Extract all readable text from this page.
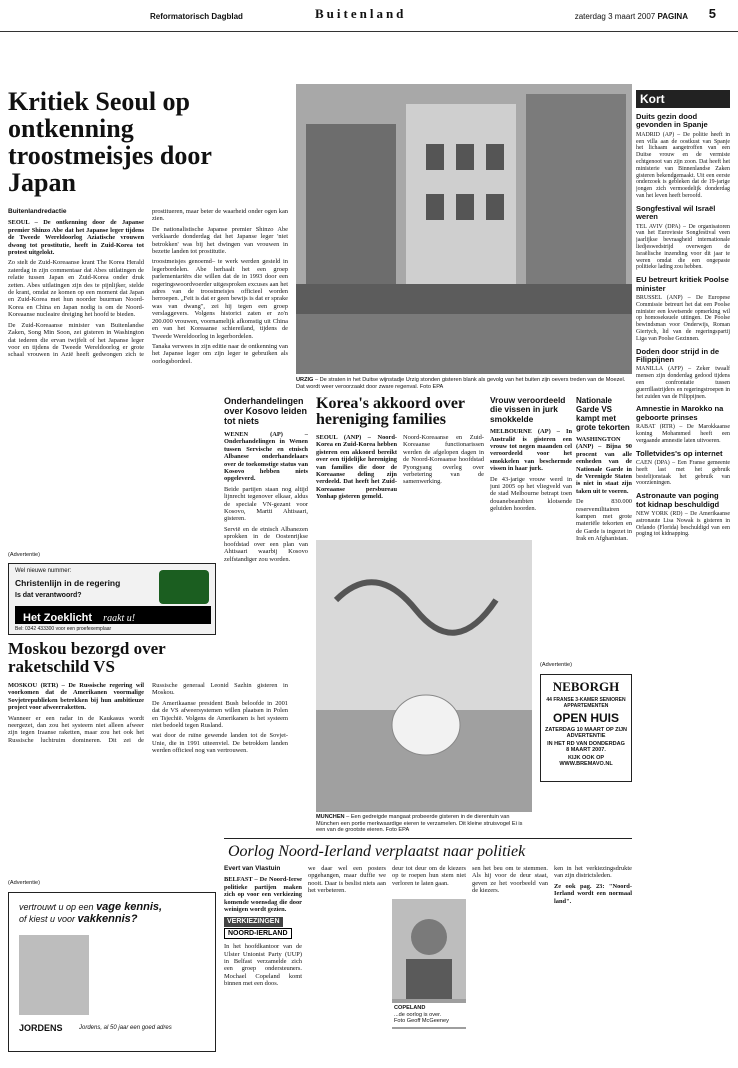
Reformatorisch Dagblad	Buitenland	zaterdag 3 maart 2007 PAGINA 5
Kritiek Seoul op ontkenning troostmeisjes door Japan
Buitenlandredactie

SEOUL – De ontkenning door de Japanse premier Shinzo Abe dat het Japanse leger tijdens de Tweede Wereldoorlog Aziatische vrouwen dwong tot prostitutie, heeft in Zuid-Korea tot protest uitgelokt.

Zo stelt de Zuid-Koreaanse krant The Korea Herald zaterdag in zijn commentaar dat Abes uitlatingen de relatie tussen Japan en Zuid-Korea onder druk zetten. Abes uitlatingen zijn des te pijnlijker, stelde de krant, omdat ze komen op een moment dat Japan en Zuid-Korea met hun noorder buurman Noord-Korea en China en Japan nodig is om de Noord-Koreaanse nucleaire dreiging het hoofd te bieden.

De Zuid-Koreaanse minister van Buitenlandse Zaken, Song Min Soon, zei gisteren in Washington dat iederen die ervan twijfelt of het Japanse leger voor en tijdens de Tweede Wereldoorlog er grote schaal vrouwen in Azië heeft gedwongen zich te prostitueren, maar beter de waarheid onder ogen kan zien.

De nationalistische Japanse premier Shinzo Abe verklaarde donderdag dat het Japanse leger 'niet betrokken' was bij het dwingen van vrouwen in bezette landen tot prostitutie.

troostmeisjes genoemd– te werk werden gesteld in legerbordelen. Abe herhaalt het een groep parlementariërs die willen dat de in 1993 door een regeringswoordvoerder uitgesproken excuses aan het adres van de troostmeisjes officieel worden herroepen. „Feit is dat er geen bewijs is dat er sprake was van dwang", zei hij tegen een groep verslaggevers. Volgens historici zaten er zo'n 200.000 vrouwen, voornamelijk afkomstig uit China en van het Koreaanse schiereiland, tijdens de Tweede Wereldoorlog in legerbordelen.

Tanaka verwees in zijn editie naar de ontkenning van het Japanse leger om zijn leger te gebruiken als oorlogsbordeel.

ÜRZIG – De straten in het Duitse wijnstadje Ürzig stonden gisteren blank als gevolg van het buiten zijn oevers treden van de Moezel. Dat wordt weer veroorzaakt door zware regenval. Foto EPA
Kort
Duits gezin dood gevonden in Spanje
MADRID (AP) – De politie heeft in een villa aan de oostkust van Spanje het lichaam aangetroffen van een Duitse vrouw en de vermiste echtgenoot van zijn zoon. Dat heeft het ministerie van Binnenlandse Zaken gisteren bekendgemaakt. Uit een eerste onderzoek is gebleken dat de 19-jarige jongen zich vermoedelijk donderdag van het leven heeft beroofd.
Songfestival wil Israël weren
TEL AVIV (DPA) – De organisatoren van het Euroviesie Songfestival veen jaarlijkse bevraagheid internationale liedjeswedstrijd overwegen de Israëlische inzending voor dit jaar te weren omdat die een ongepaste politieke lading zou hebben.
EU betreurt kritiek Poolse minister
BRUSSEL (ANP) – De Europese Commissie betreurt het dat een Poolse minister een kwetsende opmerking wil op homoseksuele uitingen. De Poolse bewindsman voor Onderwijs, Roman Giertych, lid van de regeringspartij Liga van Poolse Gezinnen.
Doden door strijd in de Filippijnen
MANILLA (AFP) – Zeker twaalf mensen zijn donderdag gedood tijdens een confrontatie tussen guerrillastrijders en regeringstroepen in het zuiden van de Filippijnen.
Amnestie in Marokko na geboorte prinses
RABAT (RTR) – De Marokkaanse koning Mohammed heeft een vergaande amnestie laten uitvoeren.
Tolletvides's op internet
CAEN (DPA) – Een Franse gemeente heeft last met het gebruik bestelijonstaak het gebruik van voorzieningen.
Astronaute van poging tot kidnap beschuldigd
NEW YORK (RD) – De Amerikaanse astronaute Lisa Nowak is gisteren in Orlando (Florida) beschuldigd van een poging tot kidnapping.
(Advertentie)
Wel nieuwe nummer:
Christenlijn in de regering
Is dat verantwoord?
Het Zoeklicht raakt u!
Bel: 0342 433300 voor een proefexemplaar
Moskou bezorgd over raketschild VS

MOSKOU (RTR) – De Russische regering wil voorkomen dat de Amerikanen voormalige Sovjetrepublieken betrekken bij hun ambitieuze project voor afweerraketten.

Wanneer er een radar in de Kaukasus wordt neergezet, dan zou het systeem niet alleen afweer zijn tegen Iraanse raketten, maar zou het ook het Russische luchtruim domineren. Dit zei de Russische generaal Leonid Sazhin gisteren in Moskou.

De Amerikaanse president Bush beloofde in 2001 dat de VS afweersystemen willen plaatsen in Polen en Tsjechië. Volgens de Amerikanen is het systeem niet bedoeld tegen Rusland.

wat door de ruïne gewende landen tot de Sovjet-Unie, die in 1991 uiteenviel. De betrokken landen werden officieel nog van vertrouwen.

(Advertentie)
vertrouwt u op een vage kennis,
of kiest u voor vakkennis?
JORDENS	Jordens, al 50 jaar een goed adres
Onderhandelingen over Kosovo leiden tot niets

WENEN (AP) – Onderhandelingen in Wenen tussen Servische en etnisch Albanese onderhandelaars over de toekomstige status van Kosovo hebben niets opgeleverd.

Beide partijen staan nog altijd lijnrecht tegenover elkaar, aldus de speciale VN-gezant voor Kosovo, Martti Ahtisaari, gisteren.

Servië en de etnisch Albanezen sprokken in de Oostenrijkse hoofdstad over een plan van Ahtisaari waarbij Kosovo zelfstandiger zou worden.

Korea's akkoord over hereniging families

SEOUL (ANP) – Noord-Korea en Zuid-Korea hebben gisteren een akkoord bereikt over een tijdelijke hereniging van families die door de Koreaanse deling zijn verdeeld. Dat heeft het Zuid-Koreaanse persbureau Yonhap gisteren gemeld.

Noord-Koreaanse en Zuid-Koreaanse functionarissen werden de afgelopen dagen in de Noord-Koreaanse hoofdstad Pyongyang overleg over verbetering van de samenwerking.

Vrouw veroordeeld die vissen in jurk smokkelde

MELBOURNE (AP) – In Australië is gisteren een vrouw tot negen maanden cel veroordeeld voor het smokkelen van beschermde vissen in haar jurk.

De 43-jarige vrouw werd in juni 2005 op het vliegveld van de stad Melbourne betrapt toen douanebeambten klotsende geluiden hoorden.

Nationale Garde VS kampt met grote tekorten

WASHINGTON (ANP) – Bijna 90 procent van alle eenheden van de Nationale Garde in de Verenigde Staten is niet in staat zijn taken uit te voeren.

De 830.000 reservemilitairen kampen met grote materiële tekorten en de Garde is ingezet in Irak en Afghanistan.

(Advertentie)
NEBORGH
44 FRANSE 3-KAMER SENIOREN APPARTEMENTEN
OPEN HUIS
ZATERDAG 10 MAART OP ZIJN ADVERTENTIE
IN HET RD VAN DONDERDAG 8 MAART 2007.
KIJK OOK OP WWW.BREMAVO.NL
MÜNCHEN – Een gedreigde mangaat probeerde gisteren in de dierentuin van München een portie merkwaardige eieren te verzamelen. Dit kleine struisvogel Ei is een van de grootste eieren. Foto EPA
Oorlog Noord-Ierland verplaatst naar politiek
Evert van Vlastuin

BELFAST – De Noord-Ierse politieke partijen maken zich op voor een verkiezing komende woensdag die door weinigen wordt gezien.

VERKIEZINGEN NOORD-IERLAND

In het hoofdkantoor van de Ulster Unionist Party (UUP) in Belfast verzamelde zich een groep ondersteuners. Mochael Copeland komt binnen met een doos.

we daar wel een posters opgehangen, maar duffie we nooit. Daar is beslist niets aan het verbeteren.

COPELAND
...de oorlog is over.
Foto Geoff McGeeney

deur tot deur om de kiezers op te roepen hun stem niet verloren te laten gaan.

sen het beu om te stemmen. Als hij voor de deur staat, geven ze het voorbeeld van de kiezers.

ken in het verkiezingsdrukte van zijn districtsleden.

Ze ook pag. 23: "Noord-Ierland wordt een normaal land".
